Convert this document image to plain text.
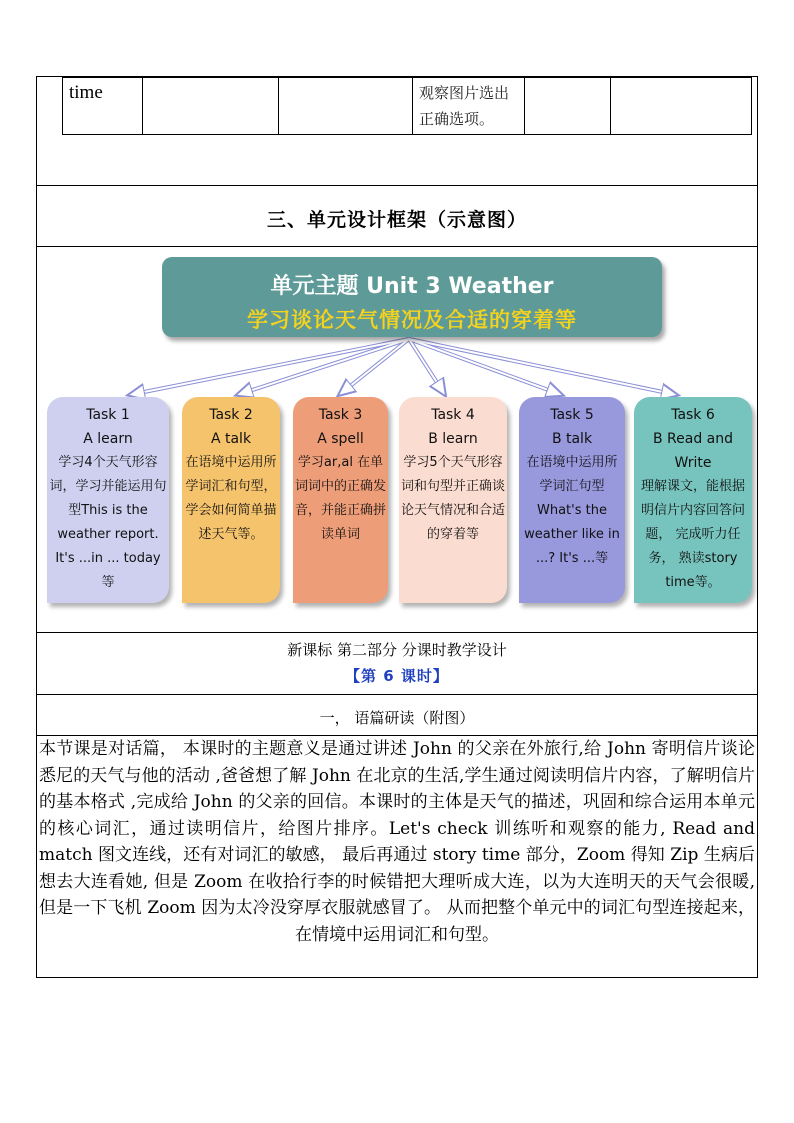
time			观察图片选出正确选项。		
三、单元设计框架（示意图）
单元主题 Unit 3 Weather
学习谈论天气情况及合适的穿着等
Task 1
A learn
学习4个天气形容词，学习并能运用句型This is the weather report. It's ...in ... today等
Task 2
A talk
在语境中运用所学词汇和句型， 学会如何简单描述天气等。
Task 3
A spell
学习ar,al 在单词词中的正确发音，并能正确拼读单词
Task 4
B learn
学习5个天气形容词和句型并正确谈论天气情况和合适的穿着等
Task 5
B talk
在语境中运用所学词汇句型What's the weather like in ...? It's ...等
Task 6
B Read and Write
理解课文，能根据明信片内容回答问题， 完成听力任务， 熟读story time等。
新课标 第二部分 分课时教学设计
【第 6 课时】
一， 语篇研读（附图）
本节课是对话篇， 本课时的主题意义是通过讲述 John 的父亲在外旅行,给 John 寄明信片谈论悉尼的天气与他的活动 ,爸爸想了解 John 在北京的生活,学生通过阅读明信片内容，了解明信片的基本格式 ,完成给 John 的父亲的回信。本课时的主体是天气的描述，巩固和综合运用本单元的核心词汇，通过读明信片，给图片排序。Let's check 训练听和观察的能力, Read and match 图文连线，还有对词汇的敏感， 最后再通过 story time 部分，Zoom 得知 Zip 生病后想去大连看她, 但是 Zoom 在收拾行李的时候错把大理听成大连，以为大连明天的天气会很暖,但是一下飞机 Zoom 因为太冷没穿厚衣服就感冒了。 从而把整个单元中的词汇句型连接起来， 在情境中运用词汇和句型。
